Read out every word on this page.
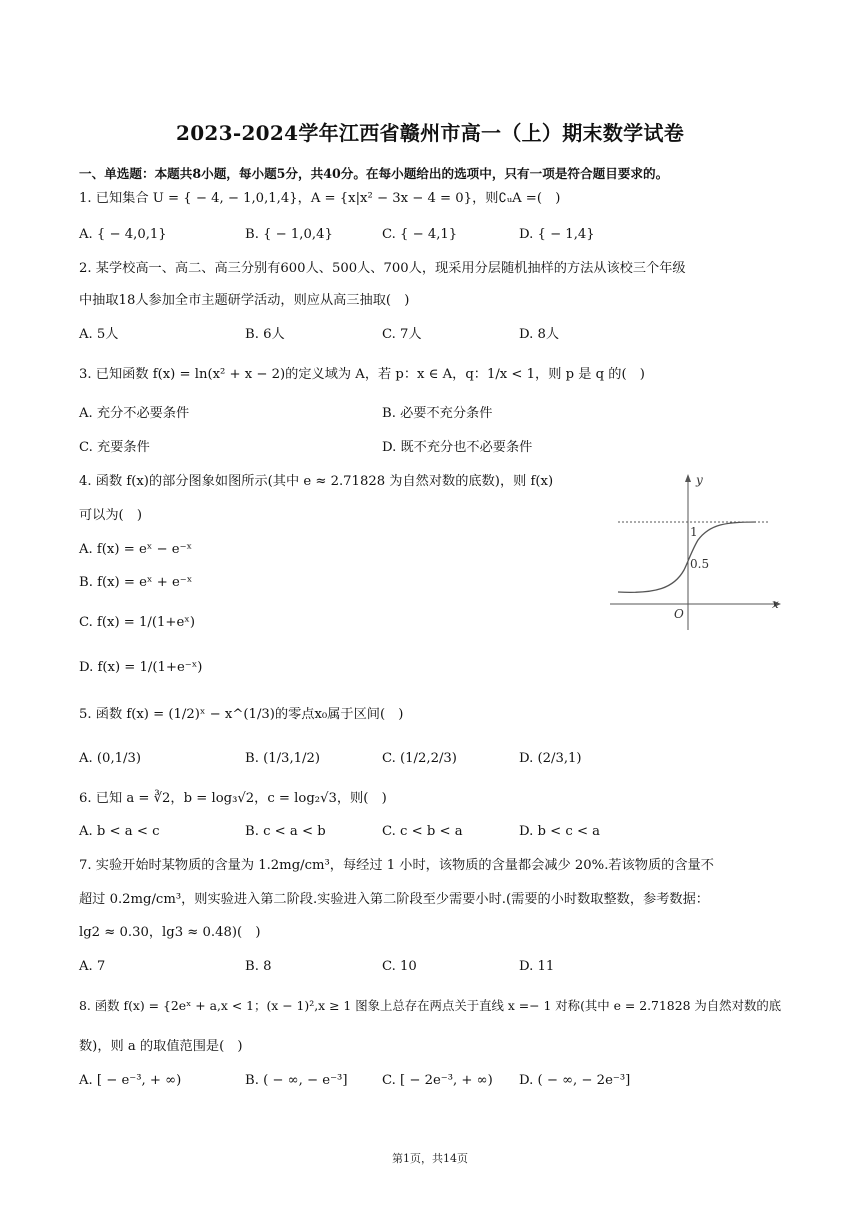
2023-2024学年江西省赣州市高一（上）期末数学试卷
一、单选题：本题共8小题，每小题5分，共40分。在每小题给出的选项中，只有一项是符合题目要求的。
1. 已知集合 U = { − 4, − 1,0,1,4}，A = {x|x² − 3x − 4 = 0}，则∁ᵤA =(　)
A. { − 4,0,1}	B. { − 1,0,4}	C. { − 4,1}	D. { − 1,4}
2. 某学校高一、高二、高三分别有600人、500人、700人，现采用分层随机抽样的方法从该校三个年级
中抽取18人参加全市主题研学活动，则应从高三抽取(　)
A. 5人	B. 6人	C. 7人	D. 8人
3. 已知函数 f(x) = ln(x² + x − 2)的定义域为 A，若 p：x ∈ A，q：1/x < 1，则 p 是 q 的(　)
A. 充分不必要条件	B. 必要不充分条件
C. 充要条件	D. 既不充分也不必要条件
4. 函数 f(x)的部分图象如图所示(其中 e ≈ 2.71828 为自然对数的底数)，则 f(x)
可以为(　)
A. f(x) = eˣ − e⁻ˣ
B. f(x) = eˣ + e⁻ˣ
C. f(x) = 1/(1+eˣ)
D. f(x) = 1/(1+e⁻ˣ)
y
x
O
1
0.5
5. 函数 f(x) = (1/2)ˣ − x^(1/3)的零点x₀属于区间(　)
A. (0,1/3)	B. (1/3,1/2)	C. (1/2,2/3)	D. (2/3,1)
6. 已知 a = ∛2，b = log₃√2，c = log₂√3，则(　)
A. b < a < c	B. c < a < b	C. c < b < a	D. b < c < a
7. 实验开始时某物质的含量为 1.2mg/cm³，每经过 1 小时，该物质的含量都会减少 20%.若该物质的含量不
超过 0.2mg/cm³，则实验进入第二阶段.实验进入第二阶段至少需要小时.(需要的小时数取整数，参考数据：
lg2 ≈ 0.30，lg3 ≈ 0.48)(　)
A. 7	B. 8	C. 10	D. 11
8. 函数 f(x) = {2eˣ + a,x < 1；(x − 1)²,x ≥ 1 图象上总存在两点关于直线 x =− 1 对称(其中 e = 2.71828 为自然对数的底
数)，则 a 的取值范围是(　)
A. [ − e⁻³, + ∞)	B. ( − ∞, − e⁻³]	C. [ − 2e⁻³, + ∞) D. ( − ∞, − 2e⁻³]
第1页，共14页
